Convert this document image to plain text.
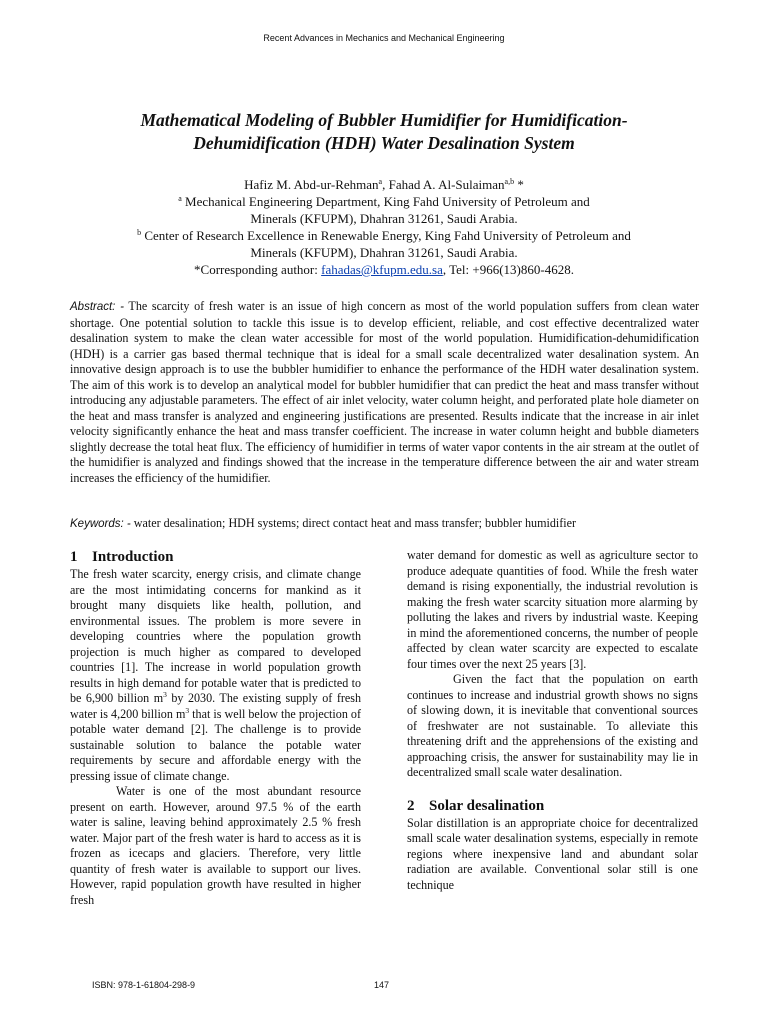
Recent Advances in Mechanics and Mechanical Engineering
Mathematical Modeling of Bubbler Humidifier for Humidification-
Dehumidification (HDH) Water Desalination System
Hafiz M. Abd-ur-Rehman$^a$, Fahad A. Al-Sulaiman$^{a,b}$ *
$^a$ Mechanical Engineering Department, King Fahd University of Petroleum and
Minerals (KFUPM), Dhahran 31261, Saudi Arabia.
$^b$ Center of Research Excellence in Renewable Energy, King Fahd University of Petroleum and
Minerals (KFUPM), Dhahran 31261, Saudi Arabia.
*Corresponding author: fahadas@kfupm.edu.sa, Tel: +966(13)860-4628.
Abstract: - The scarcity of fresh water is an issue of high concern as most of the world population suffers from clean water shortage. One potential solution to tackle this issue is to develop efficient, reliable, and cost effective decentralized water desalination system to make the clean water accessible for most of the world population. Humidification-dehumidification (HDH) is a carrier gas based thermal technique that is ideal for a small scale decentralized water desalination system. An innovative design approach is to use the bubbler humidifier to enhance the performance of the HDH water desalination system. The aim of this work is to develop an analytical model for bubbler humidifier that can predict the heat and mass transfer without introducing any adjustable parameters. The effect of air inlet velocity, water column height, and perforated plate hole diameter on the heat and mass transfer is analyzed and engineering justifications are presented. Results indicate that the increase in air inlet velocity significantly enhance the heat and mass transfer coefficient. The increase in water column height and bubble diameters slightly decrease the total heat flux. The efficiency of humidifier in terms of water vapor contents in the air stream at the outlet of the humidifier is analyzed and findings showed that the increase in the temperature difference between the air and water stream increases the efficiency of the humidifier.
Keywords: - water desalination; HDH systems; direct contact heat and mass transfer; bubbler humidifier
1 Introduction

The fresh water scarcity, energy crisis, and climate change are the most intimidating concerns for mankind as it brought many disquiets like health, pollution, and environmental issues. The problem is more severe in developing countries where the population growth projection is much higher as compared to developed countries [1]. The increase in world population growth results in high demand for potable water that is predicted to be 6,900 billion $m^3$ by 2030. The existing supply of fresh water is 4,200 billion $m^3$ that is well below the projection of potable water demand [2]. The challenge is to provide sustainable solution to balance the potable water requirements by secure and affordable energy with the pressing issue of climate change.

Water is one of the most abundant resource present on earth. However, around 97.5 % of the earth water is saline, leaving behind approximately 2.5 % fresh water. Major part of the fresh water is hard to access as it is frozen as icecaps and glaciers. Therefore, very little quantity of fresh water is available to support our lives. However, rapid population growth have resulted in higher fresh

water demand for domestic as well as agriculture sector to produce adequate quantities of food. While the fresh water demand is rising exponentially, the industrial revolution is making the fresh water scarcity situation more alarming by polluting the lakes and rivers by industrial waste. Keeping in mind the aforementioned concerns, the number of people affected by clean water scarcity are expected to escalate four times over the next 25 years [3].

Given the fact that the population on earth continues to increase and industrial growth shows no signs of slowing down, it is inevitable that conventional sources of freshwater are not sustainable. To alleviate this threatening drift and the apprehensions of the existing and approaching crisis, the answer for sustainability may lie in decentralized small scale water desalination.

2 Solar desalination

Solar distillation is an appropriate choice for decentralized small scale water desalination systems, especially in remote regions where inexpensive land and abundant solar radiation are available. Conventional solar still is one technique

ISBN: 978-1-61804-298-9	147
